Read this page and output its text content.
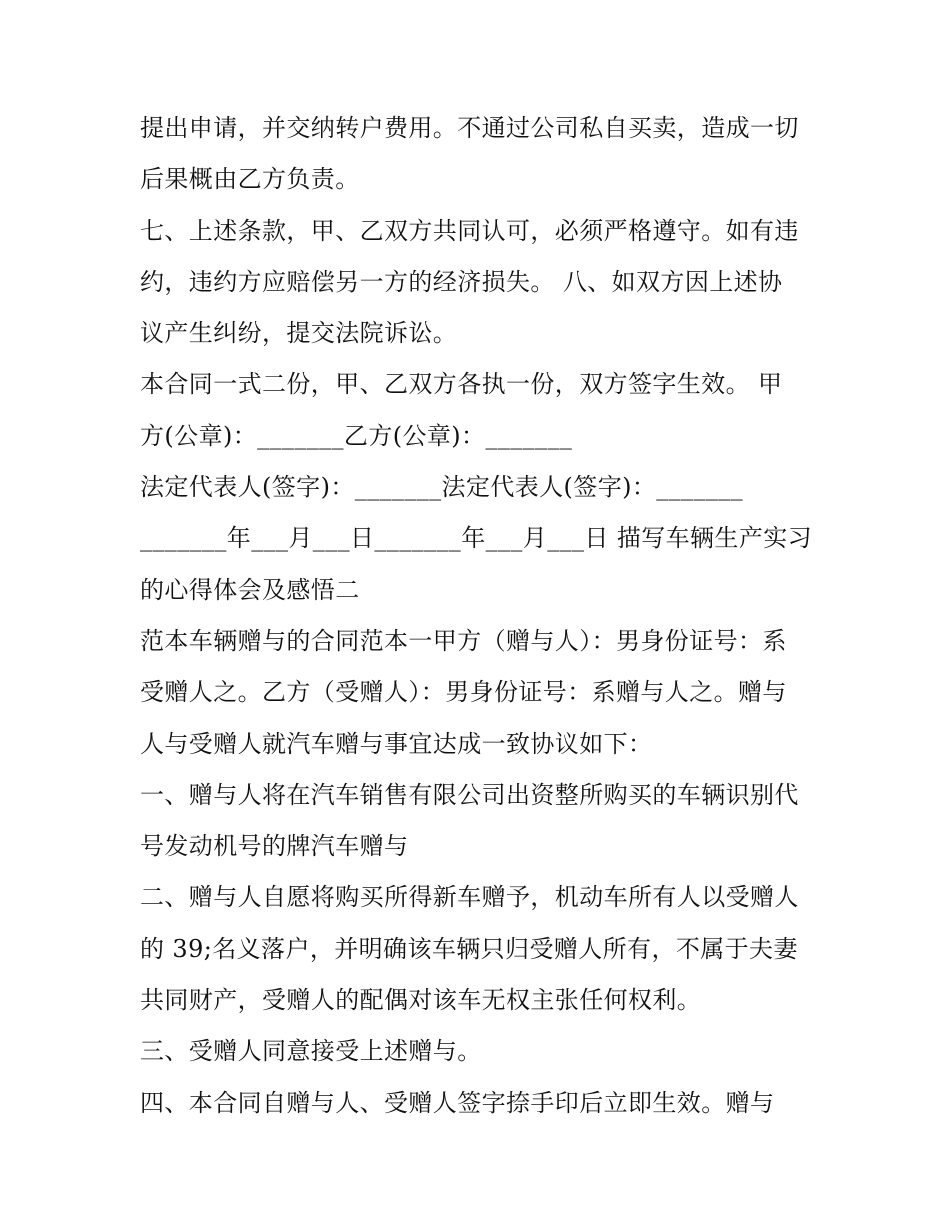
提出申请，并交纳转户费用。不通过公司私自买卖，造成一切
后果概由乙方负责。
七、上述条款，甲、乙双方共同认可，必须严格遵守。如有违
约，违约方应赔偿另一方的经济损失。 八、如双方因上述协
议产生纠纷，提交法院诉讼。
本合同一式二份，甲、乙双方各执一份，双方签字生效。 甲
方(公章)：_______乙方(公章)：_______
法定代表人(签字)：_______法定代表人(签字)：_______
_______年___月___日_______年___月___日 描写车辆生产实习
的心得体会及感悟二
范本车辆赠与的合同范本一甲方（赠与人）：男身份证号：系
受赠人之。乙方（受赠人）：男身份证号：系赠与人之。赠与
人与受赠人就汽车赠与事宜达成一致协议如下：
一、赠与人将在汽车销售有限公司出资整所购买的车辆识别代
号发动机号的牌汽车赠与
二、赠与人自愿将购买所得新车赠予，机动车所有人以受赠人
的 39;名义落户，并明确该车辆只归受赠人所有，不属于夫妻
共同财产，受赠人的配偶对该车无权主张任何权利。
三、受赠人同意接受上述赠与。
四、本合同自赠与人、受赠人签字捺手印后立即生效。赠与
